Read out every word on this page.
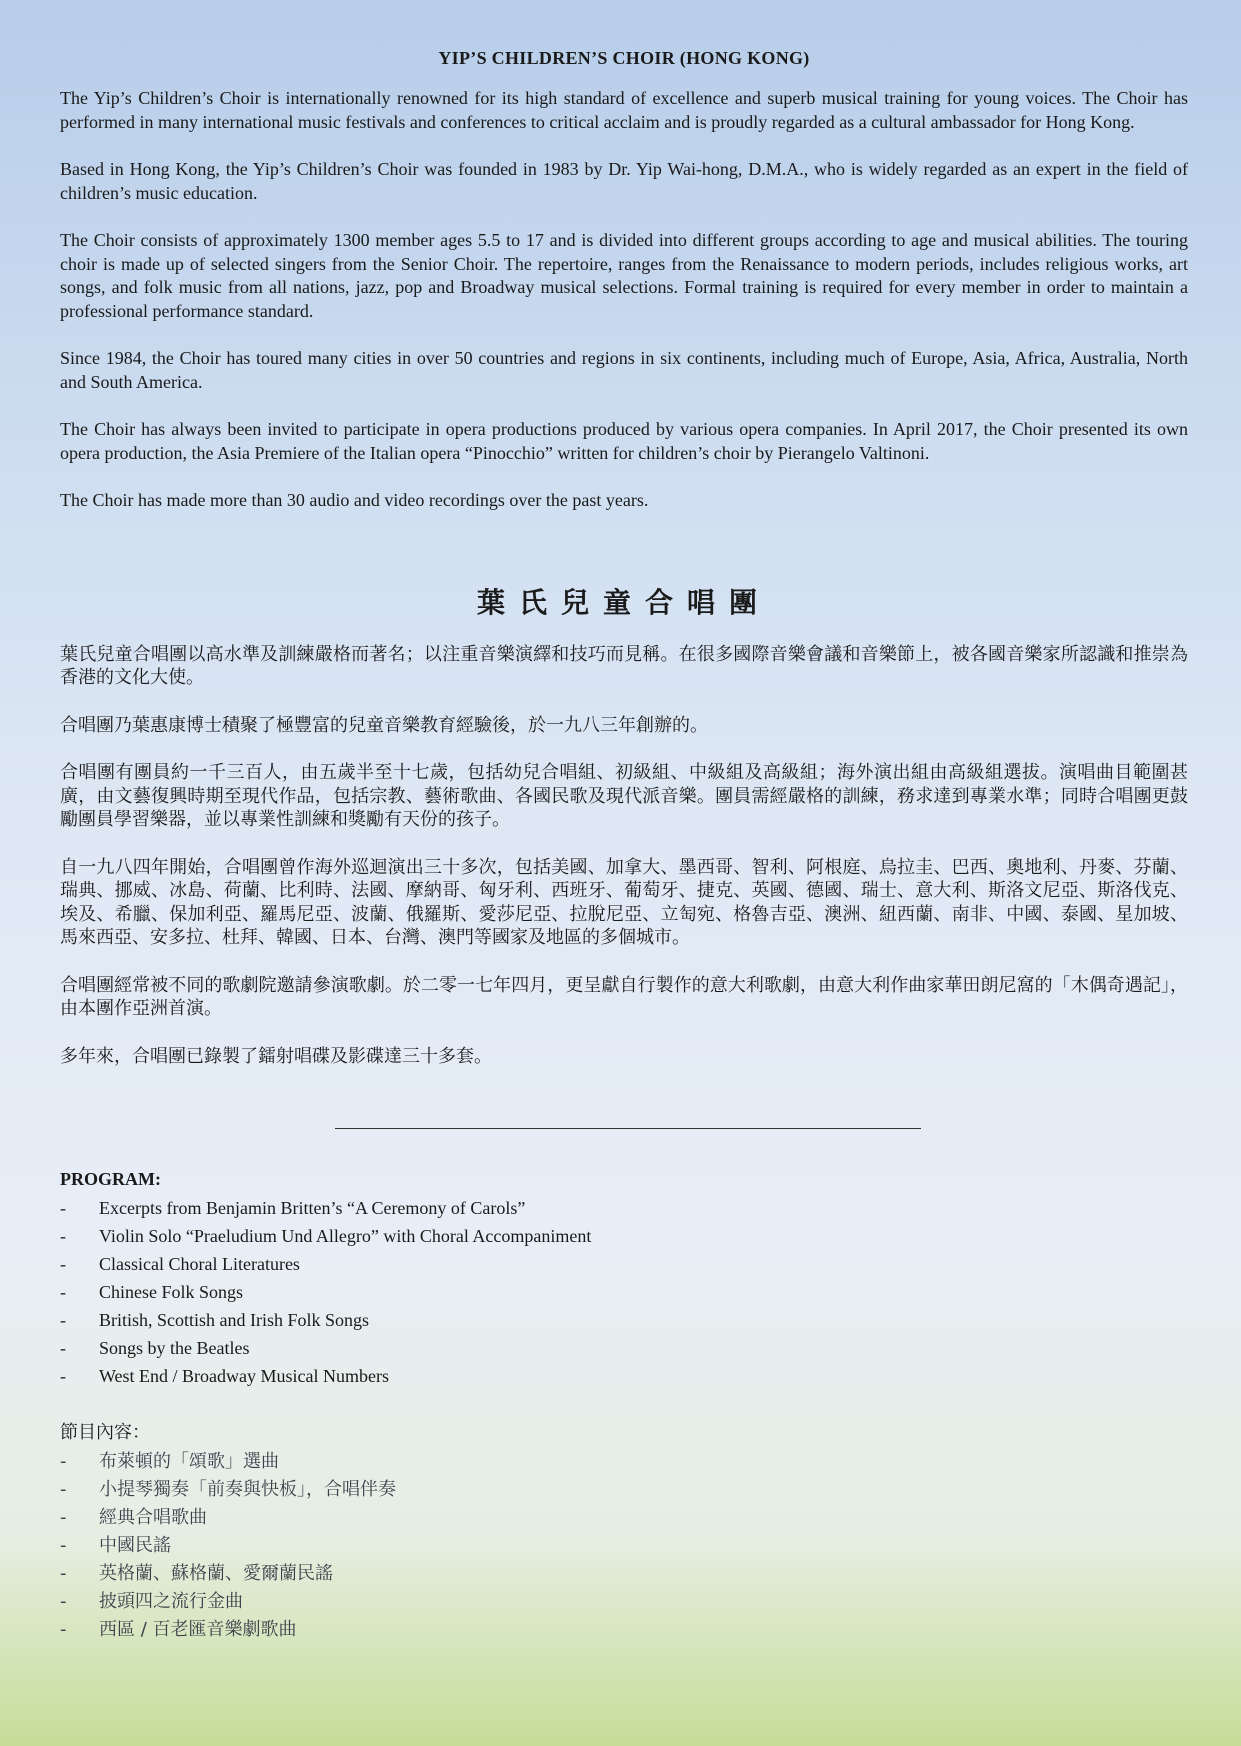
YIP’S CHILDREN’S CHOIR (HONG KONG)

The Yip’s Children’s Choir is internationally renowned for its high standard of excellence and superb musical training for young voices. The Choir has performed in many international music festivals and conferences to critical acclaim and is proudly regarded as a cultural ambassador for Hong Kong.

Based in Hong Kong, the Yip’s Children’s Choir was founded in 1983 by Dr. Yip Wai-hong, D.M.A., who is widely regarded as an expert in the field of children’s music education.

The Choir consists of approximately 1300 member ages 5.5 to 17 and is divided into different groups according to age and musical abilities. The touring choir is made up of selected singers from the Senior Choir. The repertoire, ranges from the Renaissance to modern periods, includes religious works, art songs, and folk music from all nations, jazz, pop and Broadway musical selections. Formal training is required for every member in order to maintain a professional performance standard.

Since 1984, the Choir has toured many cities in over 50 countries and regions in six continents, including much of Europe, Asia, Africa, Australia, North and South America.

The Choir has always been invited to participate in opera productions produced by various opera companies. In April 2017, the Choir presented its own opera production, the Asia Premiere of the Italian opera “Pinocchio” written for children’s choir by Pierangelo Valtinoni.

The Choir has made more than 30 audio and video recordings over the past years.

葉氏兒童合唱團

葉氏兒童合唱團以高水準及訓練嚴格而著名；以注重音樂演繹和技巧而見稱。在很多國際音樂會議和音樂節上，被各國音樂家所認識和推崇為香港的文化大使。

合唱團乃葉惠康博士積聚了極豐富的兒童音樂教育經驗後，於一九八三年創辦的。

合唱團有團員約一千三百人，由五歲半至十七歲，包括幼兒合唱組、初級組、中級組及高級組；海外演出組由高級組選拔。演唱曲目範圍甚廣，由文藝復興時期至現代作品，包括宗教、藝術歌曲、各國民歌及現代派音樂。團員需經嚴格的訓練，務求達到專業水準；同時合唱團更鼓勵團員學習樂器，並以專業性訓練和獎勵有天份的孩子。

自一九八四年開始，合唱團曾作海外巡迴演出三十多次，包括美國、加拿大、墨西哥、智利、阿根庭、烏拉圭、巴西、奧地利、丹麥、芬蘭、瑞典、挪威、冰島、荷蘭、比利時、法國、摩納哥、匈牙利、西班牙、葡萄牙、捷克、英國、德國、瑞士、意大利、斯洛文尼亞、斯洛伐克、埃及、希臘、保加利亞、羅馬尼亞、波蘭、俄羅斯、愛莎尼亞、拉脫尼亞、立匋宛、格魯吉亞、澳洲、紐西蘭、南非、中國、泰國、星加坡、馬來西亞、安多拉、杜拜、韓國、日本、台灣、澳門等國家及地區的多個城市。

合唱團經常被不同的歌劇院邀請參演歌劇。於二零一七年四月，更呈獻自行製作的意大利歌劇，由意大利作曲家華田朗尼窩的「木偶奇遇記」，由本團作亞洲首演。

多年來，合唱團已錄製了鐳射唱碟及影碟達三十多套。

PROGRAM:
- Excerpts from Benjamin Britten’s “A Ceremony of Carols”
- Violin Solo “Praeludium Und Allegro” with Choral Accompaniment
- Classical Choral Literatures
- Chinese Folk Songs
- British, Scottish and Irish Folk Songs
- Songs by the Beatles
- West End / Broadway Musical Numbers
節目內容：
- 布萊頓的「頌歌」選曲
- 小提琴獨奏「前奏與快板」，合唱伴奏
- 經典合唱歌曲
- 中國民謠
- 英格蘭、蘇格蘭、愛爾蘭民謠
- 披頭四之流行金曲
- 西區 / 百老匯音樂劇歌曲
